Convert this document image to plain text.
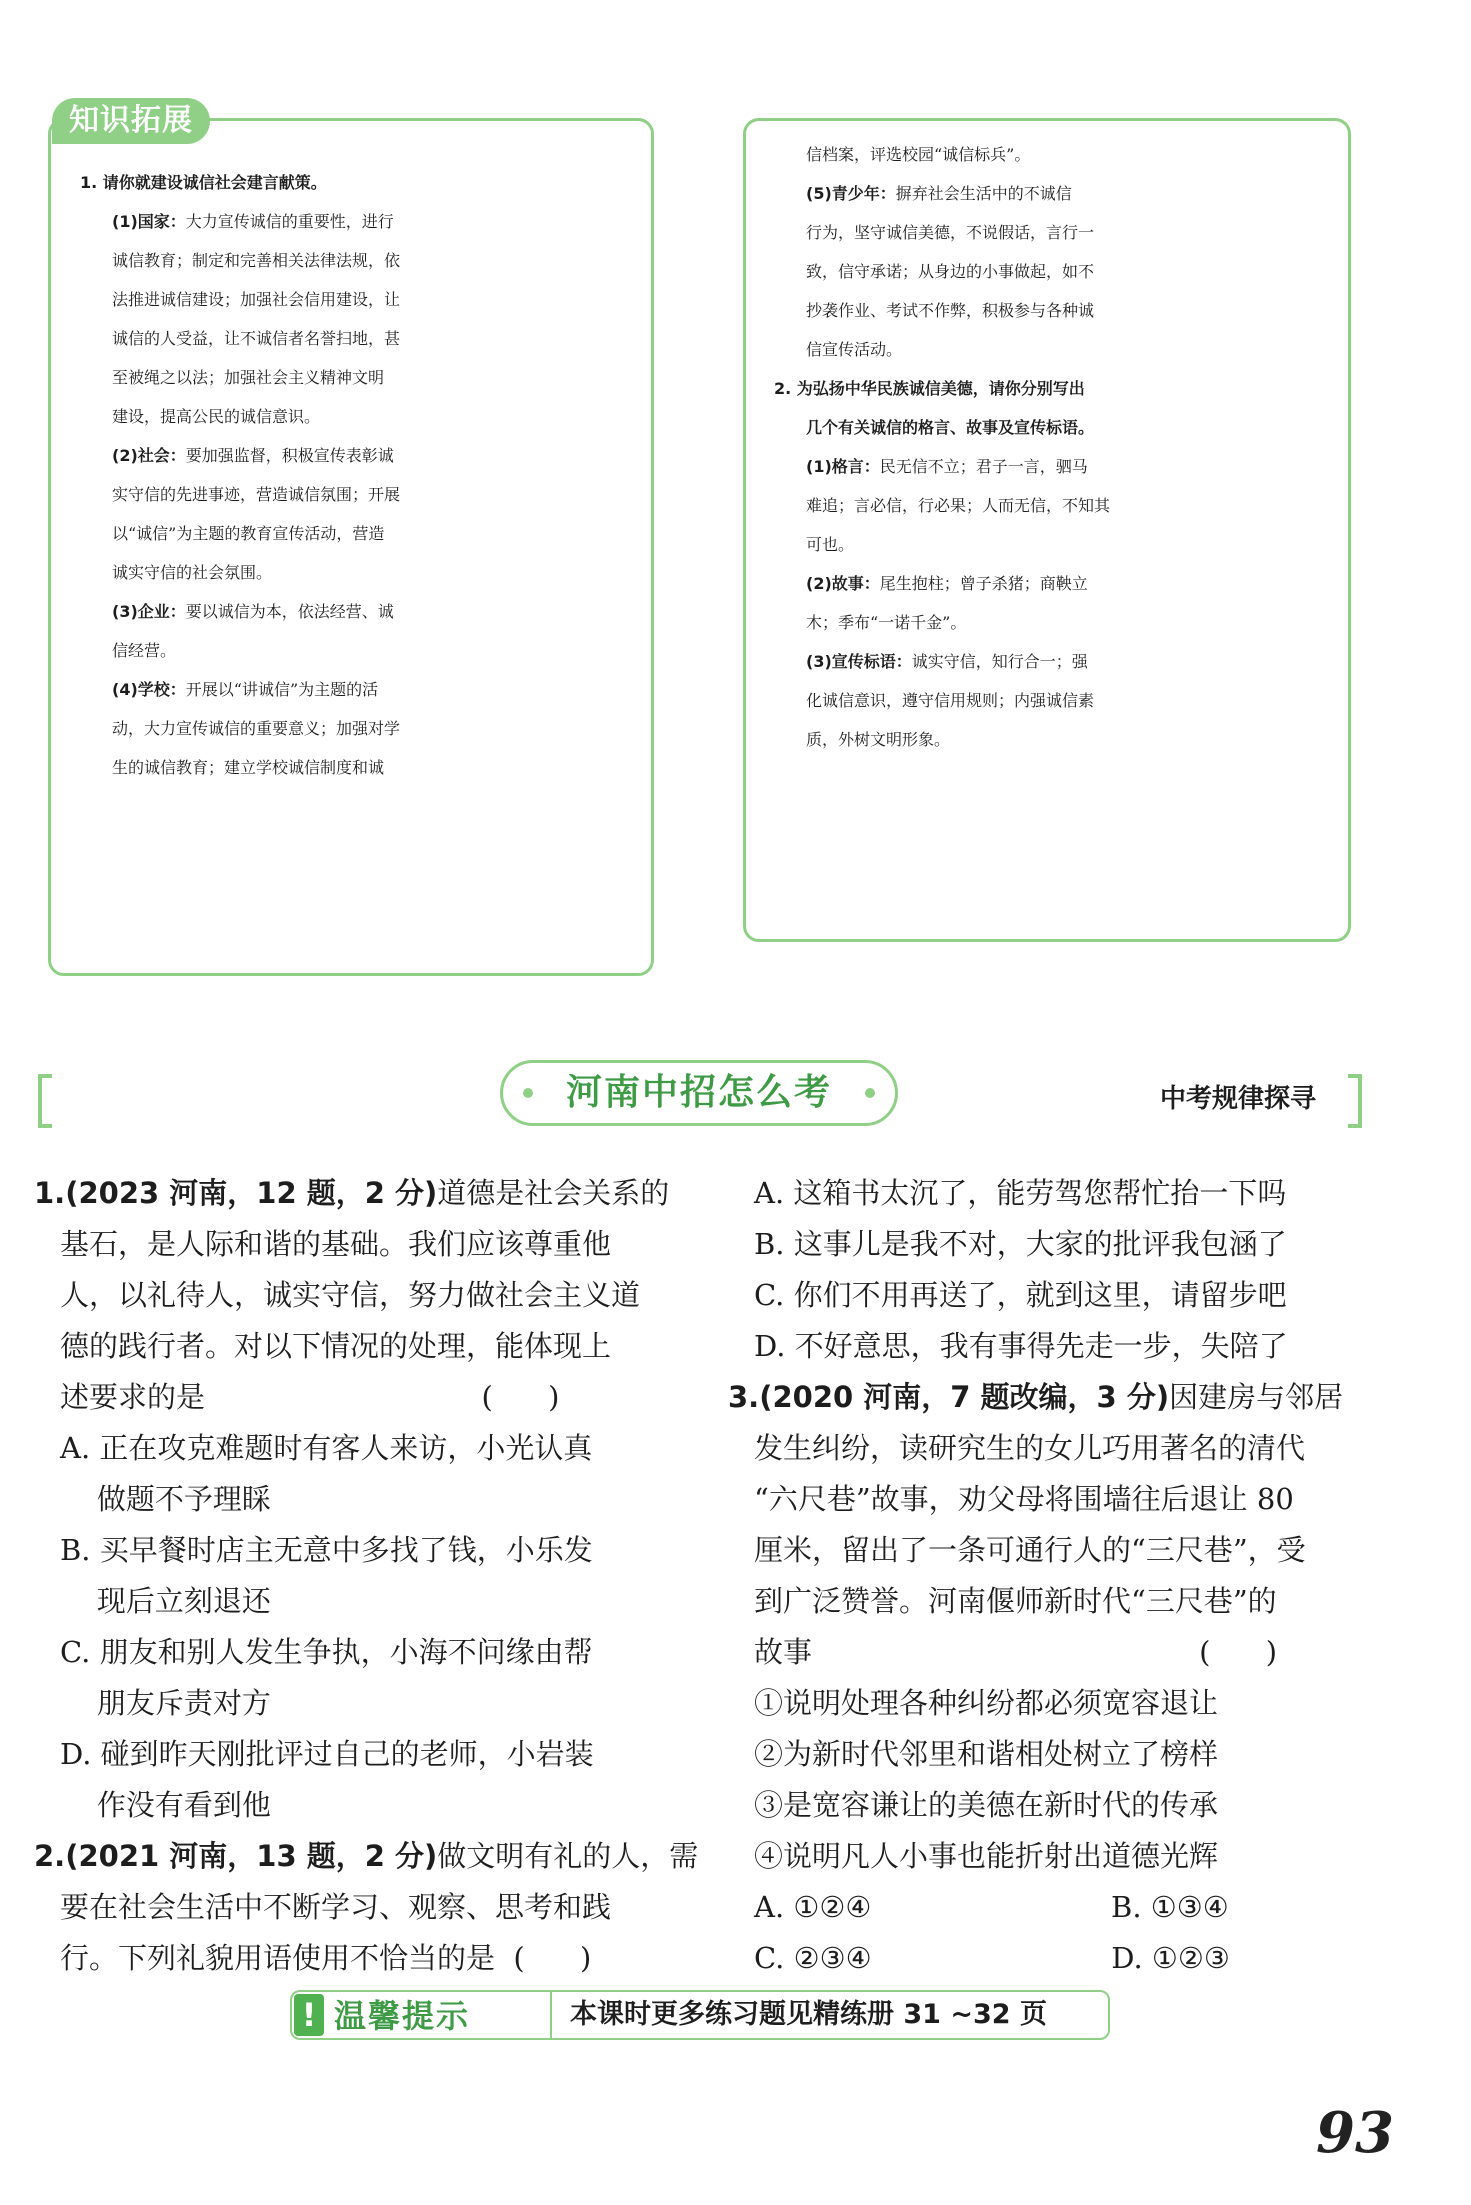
知识拓展

1. 请你就建设诚信社会建言献策。

(1)国家：大力宣传诚信的重要性，进行

诚信教育；制定和完善相关法律法规，依

法推进诚信建设；加强社会信用建设，让

诚信的人受益，让不诚信者名誉扫地，甚

至被绳之以法；加强社会主义精神文明

建设，提高公民的诚信意识。

(2)社会：要加强监督，积极宣传表彰诚

实守信的先进事迹，营造诚信氛围；开展

以“诚信”为主题的教育宣传活动，营造

诚实守信的社会氛围。

(3)企业：要以诚信为本，依法经营、诚

信经营。

(4)学校：开展以“讲诚信”为主题的活

动，大力宣传诚信的重要意义；加强对学

生的诚信教育；建立学校诚信制度和诚

信档案，评选校园“诚信标兵”。

(5)青少年：摒弃社会生活中的不诚信

行为，坚守诚信美德，不说假话，言行一

致，信守承诺；从身边的小事做起，如不

抄袭作业、考试不作弊，积极参与各种诚

信宣传活动。

2. 为弘扬中华民族诚信美德，请你分别写出

几个有关诚信的格言、故事及宣传标语。

(1)格言：民无信不立；君子一言，驷马

难追；言必信，行必果；人而无信，不知其

可也。

(2)故事：尾生抱柱；曾子杀猪；商鞅立

木；季布“一诺千金”。

(3)宣传标语：诚实守信，知行合一；强

化诚信意识，遵守信用规则；内强诚信素

质，外树文明形象。

河南中招怎么考	中考规律探寻

1.(2023 河南，12 题，2 分)道德是社会关系的

基石，是人际和谐的基础。我们应该尊重他

人，以礼待人，诚实守信，努力做社会主义道

德的践行者。对以下情况的处理，能体现上

述要求的是                              (      )

A. 正在攻克难题时有客人来访，小光认真

做题不予理睬

B. 买早餐时店主无意中多找了钱，小乐发

现后立刻退还

C. 朋友和别人发生争执，小海不问缘由帮

朋友斥责对方

D. 碰到昨天刚批评过自己的老师，小岩装

作没有看到他

2.(2021 河南，13 题，2 分)做文明有礼的人，需

要在社会生活中不断学习、观察、思考和践

行。下列礼貌用语使用不恰当的是  (      )

A. 这箱书太沉了，能劳驾您帮忙抬一下吗

B. 这事儿是我不对，大家的批评我包涵了

C. 你们不用再送了，就到这里，请留步吧

D. 不好意思，我有事得先走一步，失陪了

3.(2020 河南，7 题改编，3 分)因建房与邻居

发生纠纷，读研究生的女儿巧用著名的清代

“六尺巷”故事，劝父母将围墙往后退让 80

厘米，留出了一条可通行人的“三尺巷”，受

到广泛赞誉。河南偃师新时代“三尺巷”的

故事                                          (      )

①说明处理各种纠纷都必须宽容退让

②为新时代邻里和谐相处树立了榜样

③是宽容谦让的美德在新时代的传承

④说明凡人小事也能折射出道德光辉

A. ①②④                          B. ①③④

C. ②③④                          D. ①②③

! 温馨提示	本课时更多练习题见精练册 31 ~32 页
93
